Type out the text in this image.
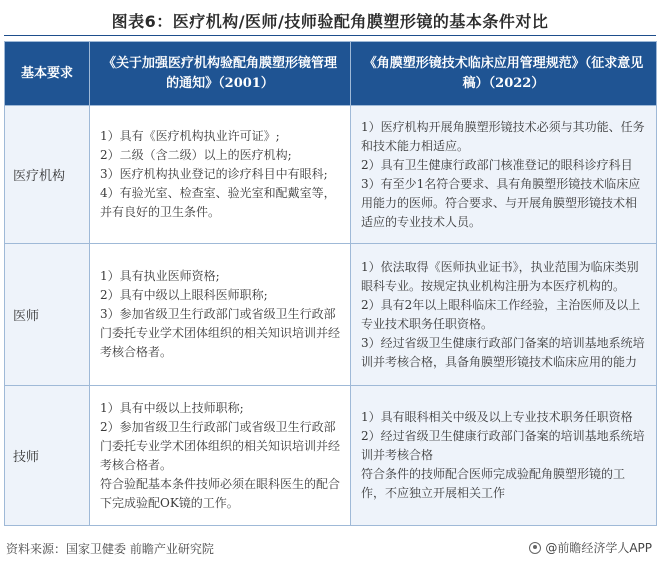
图表6：医疗机构/医师/技师验配角膜塑形镜的基本条件对比
基本要求	《关于加强医疗机构验配角膜塑形镜管理的通知》（2001）	《角膜塑形镜技术临床应用管理规范》（征求意见稿）（2022）
医疗机构	1）具有《医疗机构执业许可证》;
2）二级（含二级）以上的医疗机构;
3）医疗机构执业登记的诊疗科目中有眼科;
4）有验光室、检查室、验光室和配戴室等，并有良好的卫生条件。	1）医疗机构开展角膜塑形镜技术必须与其功能、任务和技术能力相适应。
2）具有卫生健康行政部门核准登记的眼科诊疗科目
3）有至少1名符合要求、具有角膜塑形镜技术临床应用能力的医师。符合要求、与开展角膜塑形镜技术相适应的专业技术人员。

医师	1）具有执业医师资格;
2）具有中级以上眼科医师职称;
3）参加省级卫生行政部门或省级卫生行政部门委托专业学术团体组织的相关知识培训并经考核合格者。	1）依法取得《医师执业证书》，执业范围为临床类别眼科专业。按规定执业机构注册为本医疗机构的。
2）具有2年以上眼科临床工作经验，主治医师及以上专业技术职务任职资格。
3）经过省级卫生健康行政部门备案的培训基地系统培训并考核合格，具备角膜塑形镜技术临床应用的能力

技师	1）具有中级以上技师职称;
2）参加省级卫生行政部门或省级卫生行政部门委托专业学术团体组织的相关知识培训并经考核合格者。
符合验配基本条件技师必须在眼科医生的配合下完成验配OK镜的工作。	1）具有眼科相关中级及以上专业技术职务任职资格
2）经过省级卫生健康行政部门备案的培训基地系统培训并考核合格
符合条件的技师配合医师完成验配角膜塑形镜的工作，不应独立开展相关工作
资料来源：国家卫健委 前瞻产业研究院	@前瞻经济学人APP
